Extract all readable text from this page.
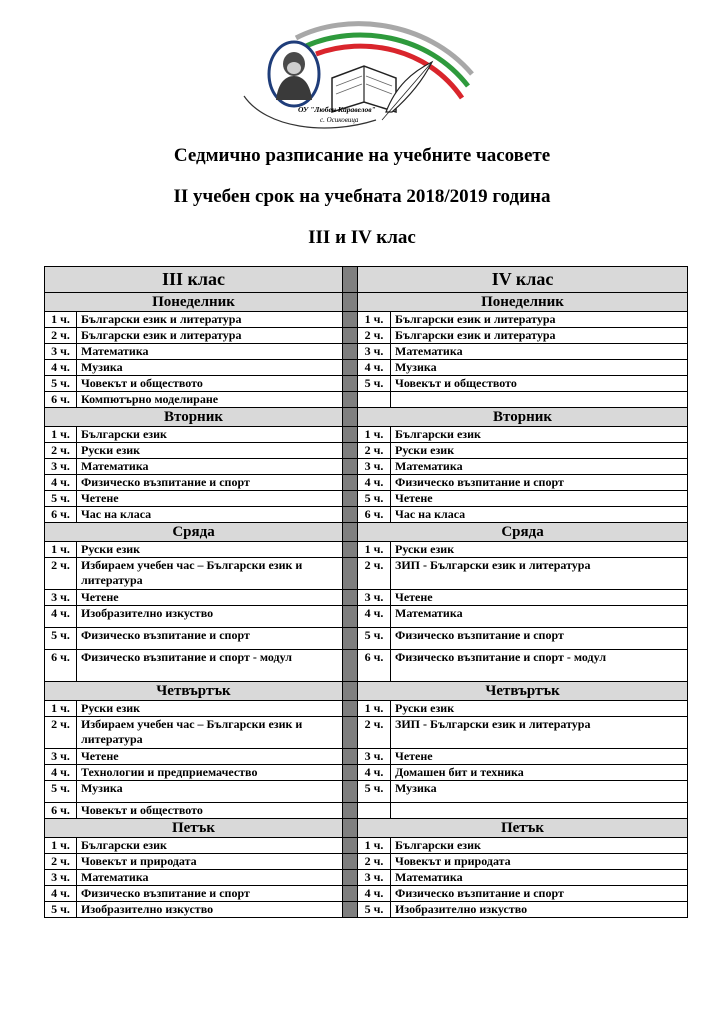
ОУ "Любен Каравелов"
с. Осиковица
Седмично разписание на учебните часовете
II учебен срок на учебната 2018/2019 година
III и IV клас
III клас			IV клас	
Понеделник			Понеделник	
1 ч.	Български език и литература		1 ч.	Български език и литература
2 ч.	Български език и литература		2 ч.	Български език и литература
3 ч.	Математика		3 ч.	Математика
4 ч.	Музика		4 ч.	Музика
5 ч.	Човекът и обществото		5 ч.	Човекът и обществото
6 ч.	Компютърно моделиране			
Вторник			Вторник	
1 ч.	Български език		1 ч.	Български език
2 ч.	Руски език		2 ч.	Руски език
3 ч.	Математика		3 ч.	Математика
4 ч.	Физическо възпитание и спорт		4 ч.	Физическо възпитание и спорт
5 ч.	Четене		5 ч.	Четене
6 ч.	Час на класа		6 ч.	Час на класа
Сряда			Сряда	
1 ч.	Руски език		1 ч.	Руски език
2 ч.	Избираем учебен час – Български език и литература		2 ч.	ЗИП - Български език и литература
3 ч.	Четене		3 ч.	Четене
4 ч.	Изобразително изкуство		4 ч.	Математика
5 ч.	Физическо възпитание и спорт		5 ч.	Физическо възпитание и спорт
6 ч.	Физическо възпитание и спорт - модул		6 ч.	Физическо възпитание и спорт - модул
Четвъртък			Четвъртък	
1 ч.	Руски език		1 ч.	Руски език
2 ч.	Избираем учебен час – Български език и литература		2 ч.	ЗИП - Български език и литература
3 ч.	Четене		3 ч.	Четене
4 ч.	Технологии и предприемачество		4 ч.	Домашен бит и техника
5 ч.	Музика		5 ч.	Музика
6 ч.	Човекът и обществото			
Петък			Петък	
1 ч.	Български език		1 ч.	Български език
2 ч.	Човекът и природата		2 ч.	Човекът и природата
3 ч.	Математика		3 ч.	Математика
4 ч.	Физическо възпитание и спорт		4 ч.	Физическо възпитание и спорт
5 ч.	Изобразително изкуство		5 ч.	Изобразително изкуство
